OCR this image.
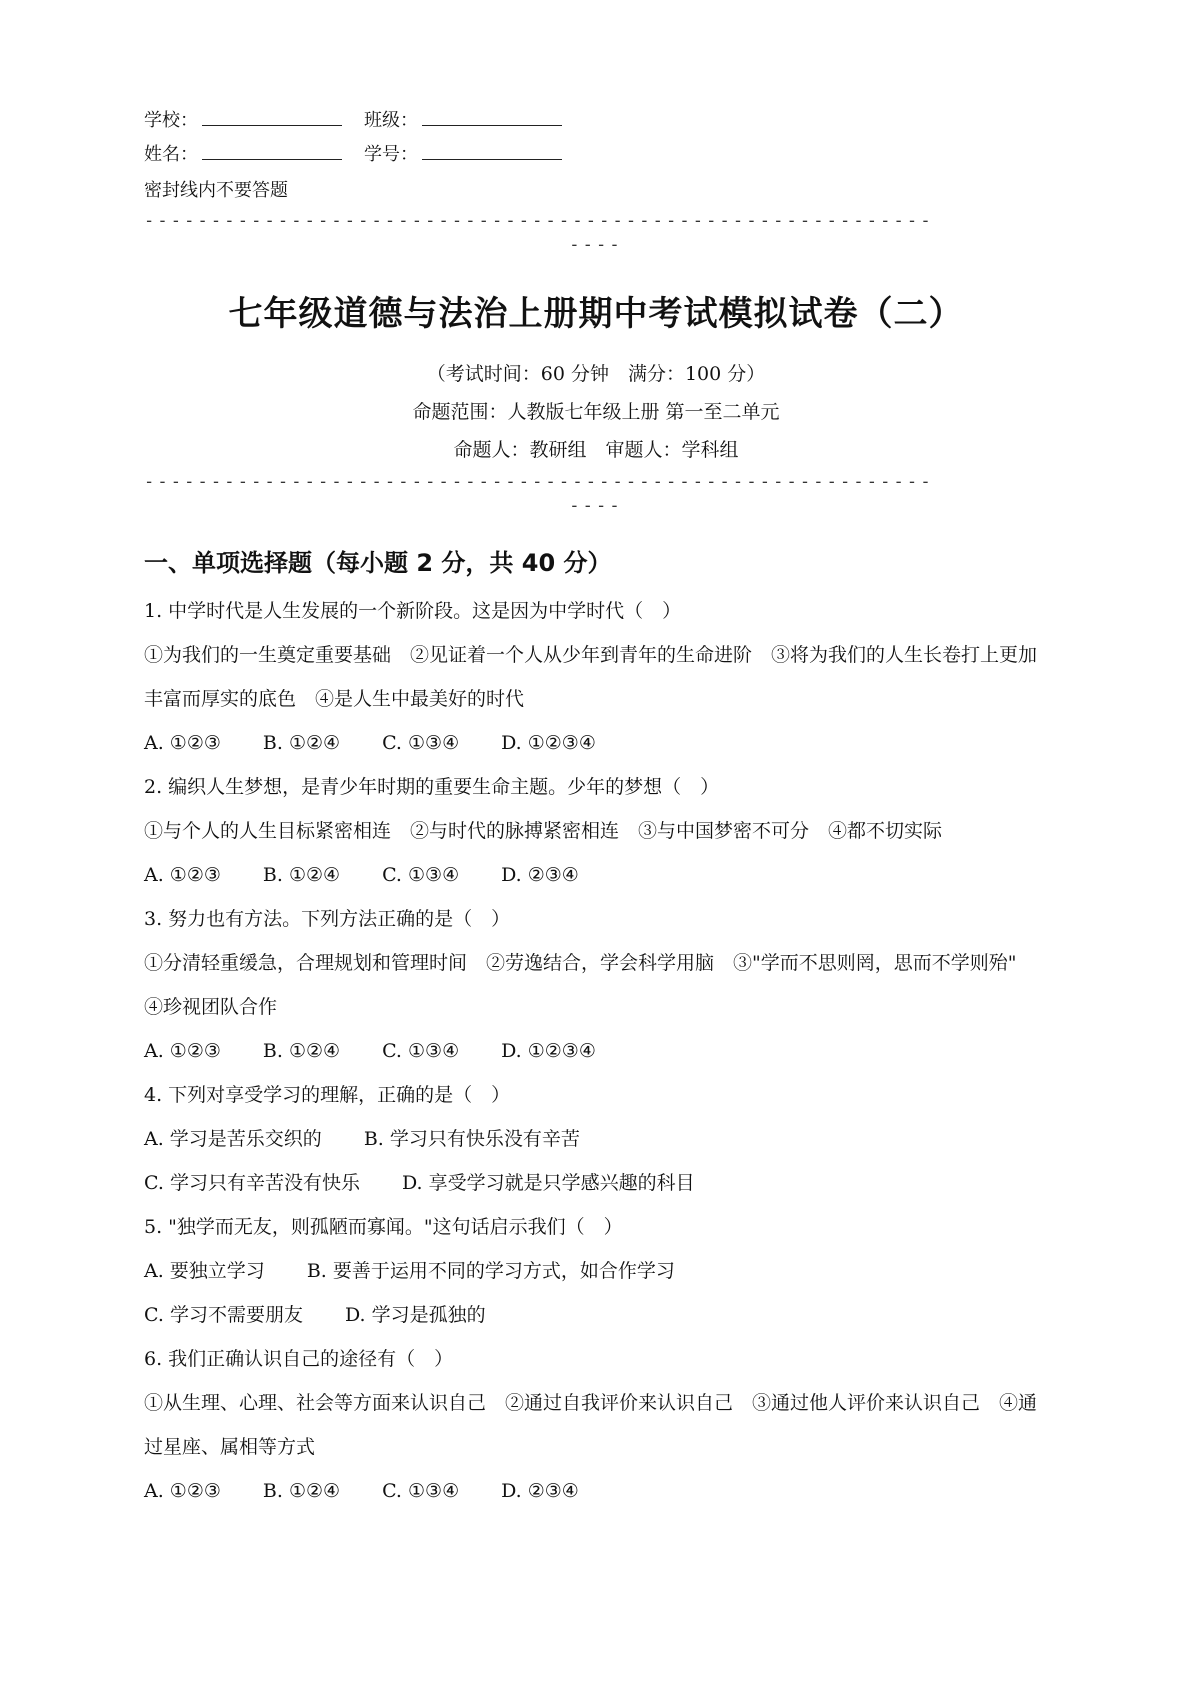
学校：	班级：
姓名：	学号：
密封线内不要答题
-----------------------------------------------------------
----
七年级道德与法治上册期中考试模拟试卷（二）
（考试时间：60 分钟　满分：100 分）
命题范围：人教版七年级上册 第一至二单元
命题人：教研组　审题人：学科组
-----------------------------------------------------------
----
一、单项选择题（每小题 2 分，共 40 分）
1. 中学时代是人生发展的一个新阶段。这是因为中学时代（　）
①为我们的一生奠定重要基础　②见证着一个人从少年到青年的生命进阶　③将为我们的人生长卷打上更加丰富而厚实的底色　④是人生中最美好的时代
A. ①②③ B. ①②④ C. ①③④ D. ①②③④
2. 编织人生梦想，是青少年时期的重要生命主题。少年的梦想（　）
①与个人的人生目标紧密相连　②与时代的脉搏紧密相连　③与中国梦密不可分　④都不切实际
A. ①②③ B. ①②④ C. ①③④ D. ②③④
3. 努力也有方法。下列方法正确的是（　）
①分清轻重缓急，合理规划和管理时间　②劳逸结合，学会科学用脑　③"学而不思则罔，思而不学则殆"　④珍视团队合作
A. ①②③ B. ①②④ C. ①③④ D. ①②③④
4. 下列对享受学习的理解，正确的是（　）
A. 学习是苦乐交织的 B. 学习只有快乐没有辛苦
C. 学习只有辛苦没有快乐 D. 享受学习就是只学感兴趣的科目
5. "独学而无友，则孤陋而寡闻。"这句话启示我们（　）
A. 要独立学习 B. 要善于运用不同的学习方式，如合作学习
C. 学习不需要朋友 D. 学习是孤独的
6. 我们正确认识自己的途径有（　）
①从生理、心理、社会等方面来认识自己　②通过自我评价来认识自己　③通过他人评价来认识自己　④通过星座、属相等方式
A. ①②③ B. ①②④ C. ①③④ D. ②③④
